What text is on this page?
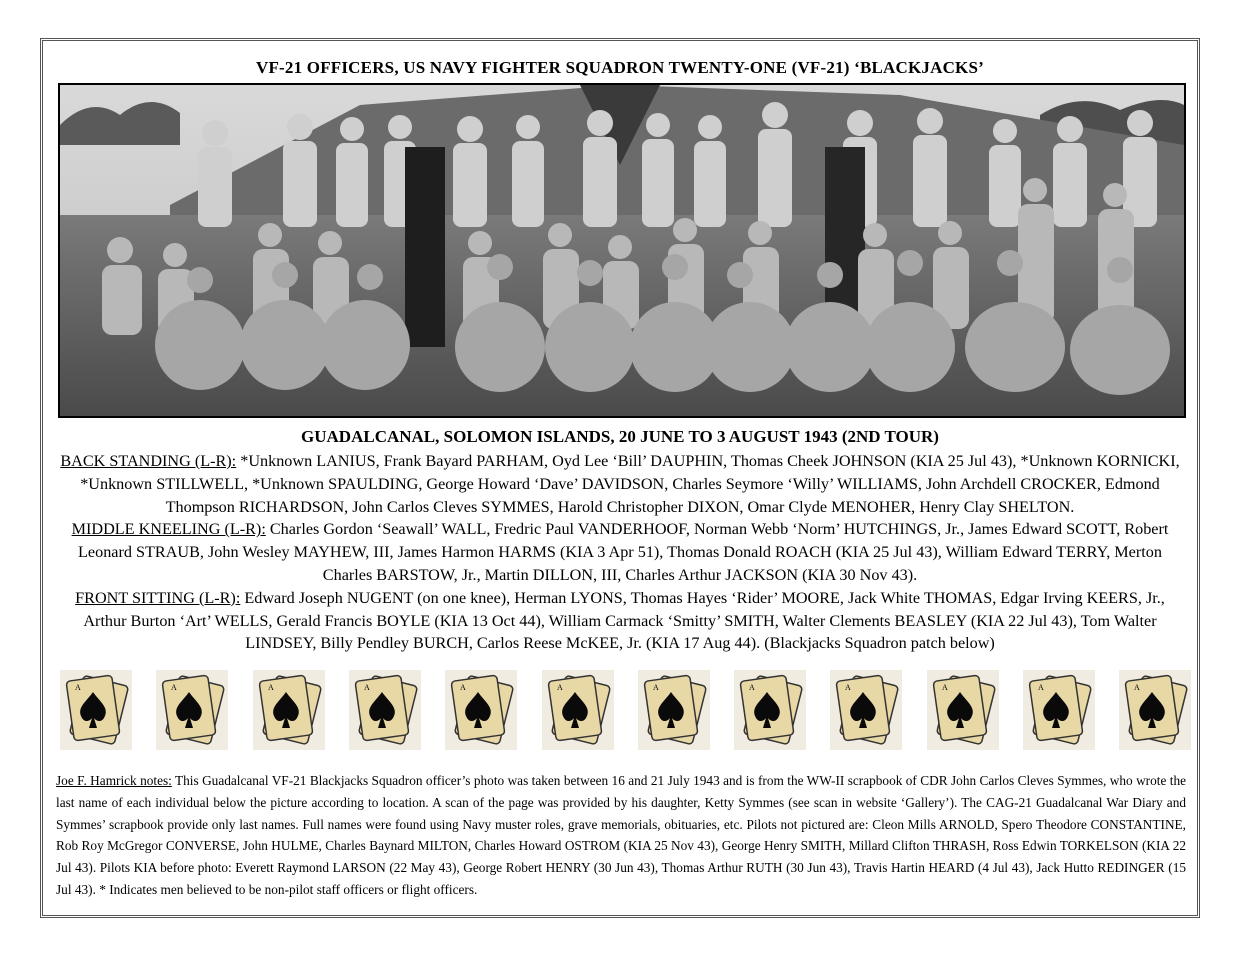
VF-21 OFFICERS, US NAVY FIGHTER SQUADRON TWENTY-ONE (VF-21) ‘BLACKJACKS’
GUADALCANAL, SOLOMON ISLANDS, 20 JUNE TO 3 AUGUST 1943 (2ND TOUR)
BACK STANDING (L-R): *Unknown LANIUS, Frank Bayard PARHAM, Oyd Lee ‘Bill’ DAUPHIN, Thomas Cheek JOHNSON (KIA 25 Jul 43), *Unknown KORNICKI, *Unknown STILLWELL, *Unknown SPAULDING, George Howard ‘Dave’ DAVIDSON, Charles Seymore ‘Willy’ WILLIAMS, John Archdell CROCKER, Edmond Thompson RICHARDSON, John Carlos Cleves SYMMES, Harold Christopher DIXON, Omar Clyde MENOHER, Henry Clay SHELTON.
MIDDLE KNEELING (L-R): Charles Gordon ‘Seawall’ WALL, Fredric Paul VANDERHOOF, Norman Webb ‘Norm’ HUTCHINGS, Jr., James Edward SCOTT, Robert Leonard STRAUB, John Wesley MAYHEW, III, James Harmon HARMS (KIA 3 Apr 51), Thomas Donald ROACH (KIA 25 Jul 43), William Edward TERRY, Merton Charles BARSTOW, Jr., Martin DILLON, III, Charles Arthur JACKSON (KIA 30 Nov 43).
FRONT SITTING (L-R): Edward Joseph NUGENT (on one knee), Herman LYONS, Thomas Hayes ‘Rider’ MOORE, Jack White THOMAS, Edgar Irving KEERS, Jr., Arthur Burton ‘Art’ WELLS, Gerald Francis BOYLE (KIA 13 Oct 44), William Carmack ‘Smitty’ SMITH, Walter Clements BEASLEY (KIA 22 Jul 43), Tom Walter LINDSEY, Billy Pendley BURCH, Carlos Reese McKEE, Jr. (KIA 17 Aug 44). (Blackjacks Squadron patch below)
A	A	A	A	A	A	A	A	A	A	A	A
Joe F. Hamrick notes: This Guadalcanal VF-21 Blackjacks Squadron officer’s photo was taken between 16 and 21 July 1943 and is from the WW-II scrapbook of CDR John Carlos Cleves Symmes, who wrote the last name of each individual below the picture according to location. A scan of the page was provided by his daughter, Ketty Symmes (see scan in website ‘Gallery’). The CAG-21 Guadalcanal War Diary and Symmes’ scrapbook provide only last names. Full names were found using Navy muster roles, grave memorials, obituaries, etc. Pilots not pictured are: Cleon Mills ARNOLD, Spero Theodore CONSTANTINE, Rob Roy McGregor CONVERSE, John HULME, Charles Baynard MILTON, Charles Howard OSTROM (KIA 25 Nov 43), George Henry SMITH, Millard Clifton THRASH, Ross Edwin TORKELSON (KIA 22 Jul 43). Pilots KIA before photo: Everett Raymond LARSON (22 May 43), George Robert HENRY (30 Jun 43), Thomas Arthur RUTH (30 Jun 43), Travis Hartin HEARD (4 Jul 43), Jack Hutto REDINGER (15 Jul 43). * Indicates men believed to be non-pilot staff officers or flight officers.
